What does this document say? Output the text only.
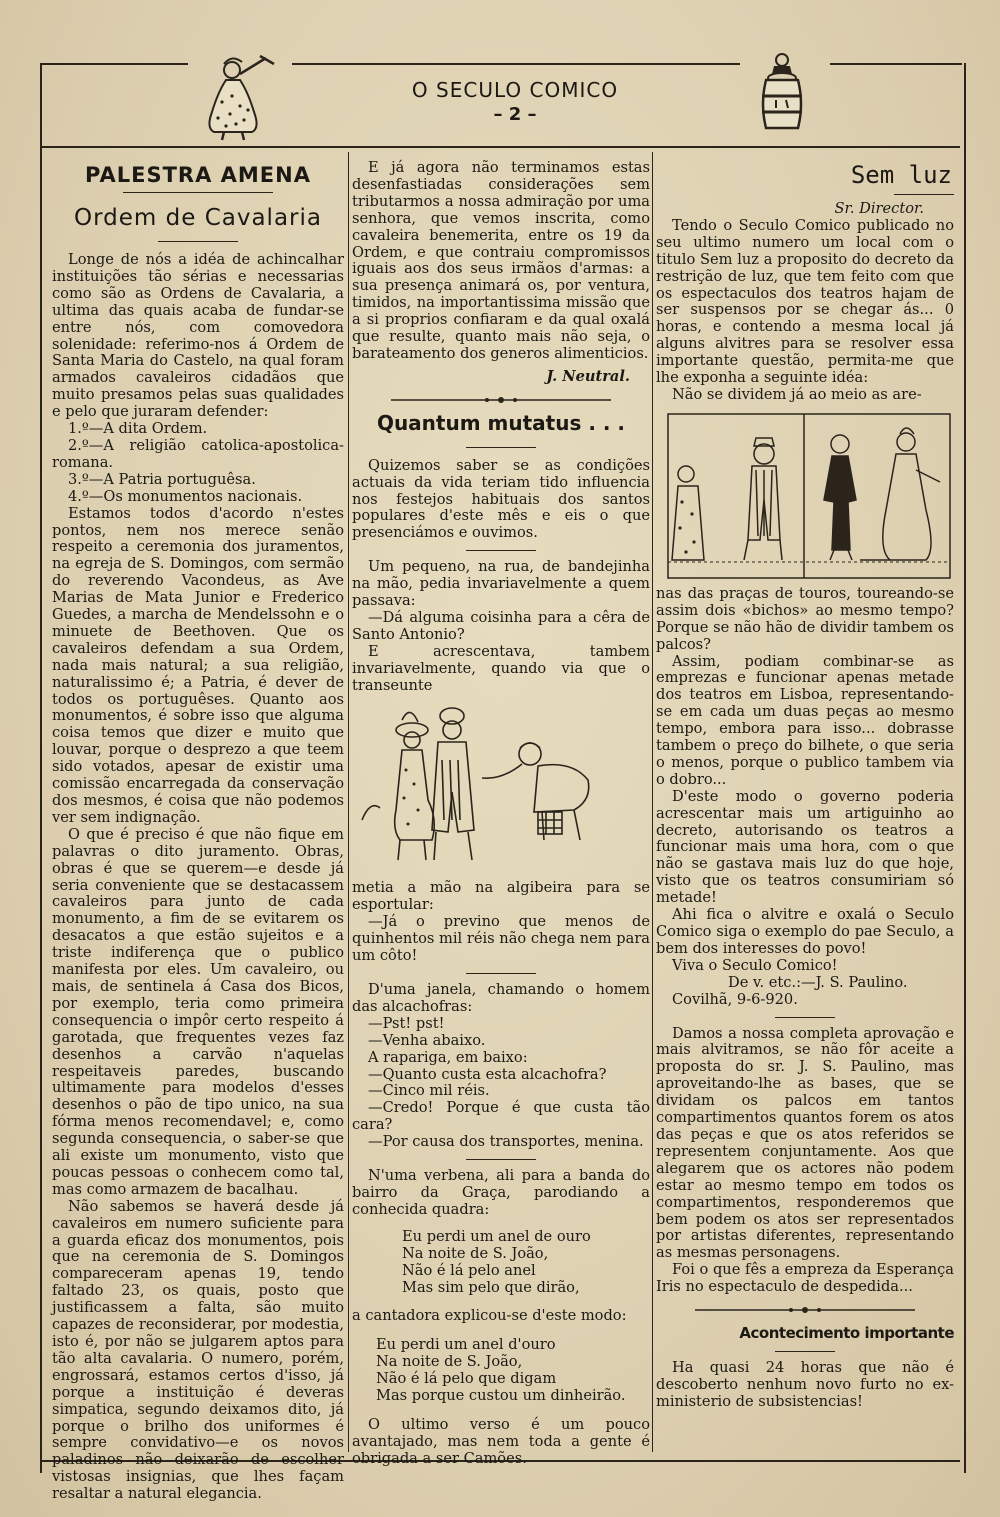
O SECULO COMICO
– 2 –
PALESTRA AMENA
Ordem de Cavalaria

Longe de nós a idéa de achincalhar instituições tão sérias e necessarias como são as Ordens de Cavalaria, a ultima das quais acaba de fundar-se entre nós, com comovedora solenidade: referimo-nos á Ordem de Santa Maria do Castelo, na qual foram armados cavaleiros cidadãos que muito presamos pelas suas qualidades e pelo que juraram defender:

1.º—A dita Ordem.

2.º—A religião catolica-apostolica-romana.

3.º—A Patria portuguêsa.

4.º—Os monumentos nacionais.

Estamos todos d'acordo n'estes pontos, nem nos merece senão respeito a ceremonia dos juramentos, na egreja de S. Domingos, com sermão do reverendo Vacondeus, as Ave Marias de Mata Junior e Frederico Guedes, a marcha de Mendelssohn e o minuete de Beethoven. Que os cavaleiros defendam a sua Ordem, nada mais natural; a sua religião, naturalissimo é; a Patria, é dever de todos os portuguêses. Quanto aos monumentos, é sobre isso que alguma coisa temos que dizer e muito que louvar, porque o desprezo a que teem sido votados, apesar de existir uma comissão encarregada da conservação dos mesmos, é coisa que não podemos ver sem indignação.

O que é preciso é que não fique em palavras o dito juramento. Obras, obras é que se querem—e desde já seria conveniente que se destacassem cavaleiros para junto de cada monumento, a fim de se evitarem os desacatos a que estão sujeitos e a triste indiferença que o publico manifesta por eles. Um cavaleiro, ou mais, de sentinela á Casa dos Bicos, por exemplo, teria como primeira consequencia o impôr certo respeito á garotada, que frequentes vezes faz desenhos a carvão n'aquelas respeitaveis paredes, buscando ultimamente para modelos d'esses desenhos o pão de tipo unico, na sua fórma menos recomendavel; e, como segunda consequencia, o saber-se que ali existe um monumento, visto que poucas pessoas o conhecem como tal, mas como armazem de bacalhau.

Não sabemos se haverá desde já cavaleiros em numero suficiente para a guarda eficaz dos monumentos, pois que na ceremonia de S. Domingos compareceram apenas 19, tendo faltado 23, os quais, posto que justificassem a falta, são muito capazes de reconsiderar, por modestia, isto é, por não se julgarem aptos para tão alta cavalaria. O numero, porém, engrossará, estamos certos d'isso, já porque a instituição é deveras simpatica, segundo deixamos dito, já porque o brilho dos uniformes é sempre convidativo—e os novos paladinos não deixarão de escolher vistosas insignias, que lhes façam resaltar a natural elegancia.

E já agora não terminamos estas desenfastiadas considerações sem tributarmos a nossa admiração por uma senhora, que vemos inscrita, como cavaleira benemerita, entre os 19 da Ordem, e que contraiu compromissos iguais aos dos seus irmãos d'armas: a sua presença animará os, por ventura, timidos, na importantissima missão que a si proprios confiaram e da qual oxalá que resulte, quanto mais não seja, o barateamento dos generos alimenticios.

J. Neutral.
Quantum mutatus . . .

Quizemos saber se as condições actuais da vida teriam tido influencia nos festejos habituais dos santos populares d'este mês e eis o que presenciámos e ouvimos.

Um pequeno, na rua, de bandejinha na mão, pedia invariavelmente a quem passava:

—Dá alguma coisinha para a cêra de Santo Antonio?

E acrescentava, tambem invariavelmente, quando via que o transeunte

metia a mão na algibeira para se esportular:

—Já o previno que menos de quinhentos mil réis não chega nem para um côto!

D'uma janela, chamando o homem das alcachofras:

—Pst! pst!

—Venha abaixo.

A rapariga, em baixo:

—Quanto custa esta alcachofra?

—Cinco mil réis.

—Credo! Porque é que custa tão cara?

—Por causa dos transportes, menina.

N'uma verbena, ali para a banda do bairro da Graça, parodiando a conhecida quadra:

Eu perdi um anel de ouro
Na noite de S. João,
Não é lá pelo anel
Mas sim pelo que dirão,

a cantadora explicou-se d'este modo:

Eu perdi um anel d'ouro
Na noite de S. João,
Não é lá pelo que digam
Mas porque custou um dinheirão.

O ultimo verso é um pouco avantajado, mas nem toda a gente é obrigada a ser Camões.

Sem luz
Sr. Director.

Tendo o Seculo Comico publicado no seu ultimo numero um local com o titulo Sem luz a proposito do decreto da restrição de luz, que tem feito com que os espectaculos dos teatros hajam de ser suspensos por se chegar ás... 0 horas, e contendo a mesma local já alguns alvitres para se resolver essa importante questão, permita-me que lhe exponha a seguinte idéa:

Não se dividem já ao meio as are-

nas das praças de touros, toureando-se assim dois «bichos» ao mesmo tempo? Porque se não hão de dividir tambem os palcos?

Assim, podiam combinar-se as emprezas e funcionar apenas metade dos teatros em Lisboa, representando-se em cada um duas peças ao mesmo tempo, embora para isso... dobrasse tambem o preço do bilhete, o que seria o menos, porque o publico tambem via o dobro...

D'este modo o governo poderia acrescentar mais um artiguinho ao decreto, autorisando os teatros a funcionar mais uma hora, com o que não se gastava mais luz do que hoje, visto que os teatros consumiriam só metade!

Ahi fica o alvitre e oxalá o Seculo Comico siga o exemplo do pae Seculo, a bem dos interesses do povo!

Viva o Seculo Comico!

De v. etc.:—J. S. Paulino.

Covilhã, 9-6-920.

Damos a nossa completa aprovação e mais alvitramos, se não fôr aceite a proposta do sr. J. S. Paulino, mas aproveitando-lhe as bases, que se dividam os palcos em tantos compartimentos quantos forem os atos das peças e que os atos referidos se representem conjuntamente. Aos que alegarem que os actores não podem estar ao mesmo tempo em todos os compartimentos, responderemos que bem podem os atos ser representados por artistas diferentes, representando as mesmas personagens.

Foi o que fês a empreza da Esperança Iris no espectaculo de despedida...

Acontecimento importante

Ha quasi 24 horas que não é descoberto nenhum novo furto no ex-ministerio de subsistencias!
